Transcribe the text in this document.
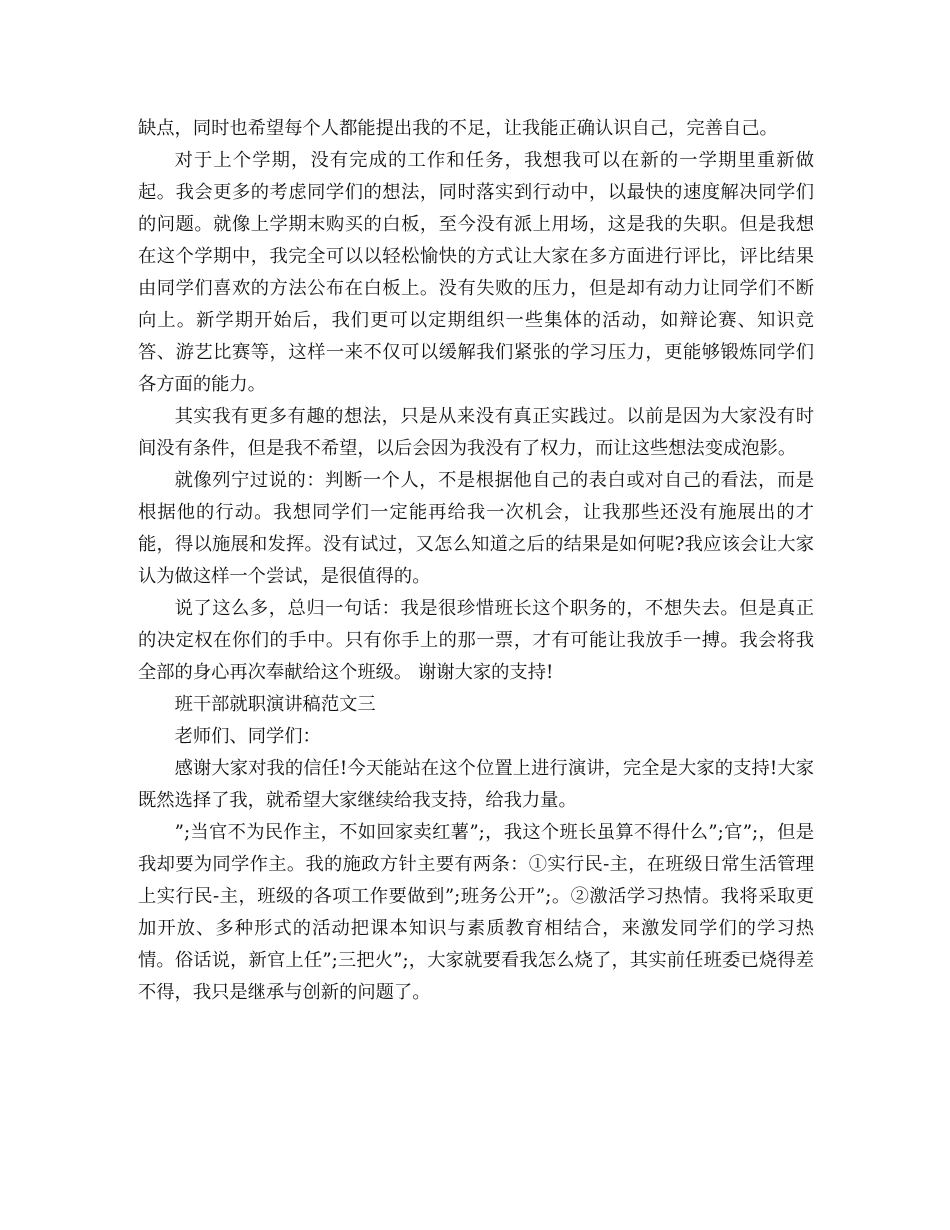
缺点，同时也希望每个人都能提出我的不足，让我能正确认识自己，完善自己。

对于上个学期，没有完成的工作和任务，我想我可以在新的一学期里重新做起。我会更多的考虑同学们的想法，同时落实到行动中，以最快的速度解决同学们的问题。就像上学期末购买的白板，至今没有派上用场，这是我的失职。但是我想在这个学期中，我完全可以以轻松愉快的方式让大家在多方面进行评比，评比结果由同学们喜欢的方法公布在白板上。没有失败的压力，但是却有动力让同学们不断向上。新学期开始后，我们更可以定期组织一些集体的活动，如辩论赛、知识竞答、游艺比赛等，这样一来不仅可以缓解我们紧张的学习压力，更能够锻炼同学们各方面的能力。

其实我有更多有趣的想法，只是从来没有真正实践过。以前是因为大家没有时间没有条件，但是我不希望，以后会因为我没有了权力，而让这些想法变成泡影。

就像列宁过说的：判断一个人，不是根据他自己的表白或对自己的看法，而是根据他的行动。我想同学们一定能再给我一次机会，让我那些还没有施展出的才能，得以施展和发挥。没有试过，又怎么知道之后的结果是如何呢?我应该会让大家认为做这样一个尝试，是很值得的。

说了这么多，总归一句话：我是很珍惜班长这个职务的，不想失去。但是真正的决定权在你们的手中。只有你手上的那一票，才有可能让我放手一搏。我会将我全部的身心再次奉献给这个班级。 谢谢大家的支持!

班干部就职演讲稿范文三

老师们、同学们：

感谢大家对我的信任!今天能站在这个位置上进行演讲，完全是大家的支持!大家既然选择了我，就希望大家继续给我支持，给我力量。

”;当官不为民作主，不如回家卖红薯”;，我这个班长虽算不得什么”;官”;，但是我却要为同学作主。我的施政方针主要有两条：①实行民-主，在班级日常生活管理上实行民-主，班级的各项工作要做到”;班务公开”;。②激活学习热情。我将采取更加开放、多种形式的活动把课本知识与素质教育相结合，来激发同学们的学习热情。俗话说，新官上任”;三把火”;，大家就要看我怎么烧了，其实前任班委已烧得差不得，我只是继承与创新的问题了。
